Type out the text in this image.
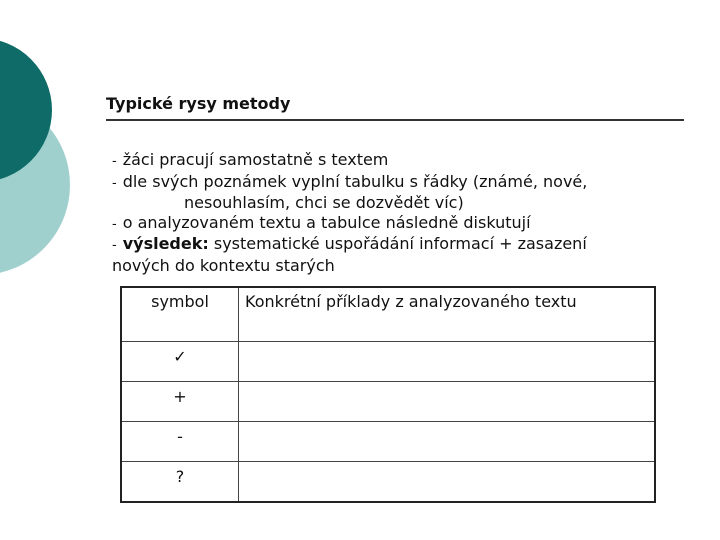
Typické rysy metody

- žáci pracují samostatně s textem

- dle svých poznámek vyplní tabulku s řádky (známé, nové,

nesouhlasím, chci se dozvědět víc)

- o analyzovaném textu a tabulce následně diskutují

- výsledek: systematické uspořádání informací + zasazení

nových do kontextu starých

symbol	Konkrétní příklady z analyzovaného textu

✓	

+	

-	

?	
